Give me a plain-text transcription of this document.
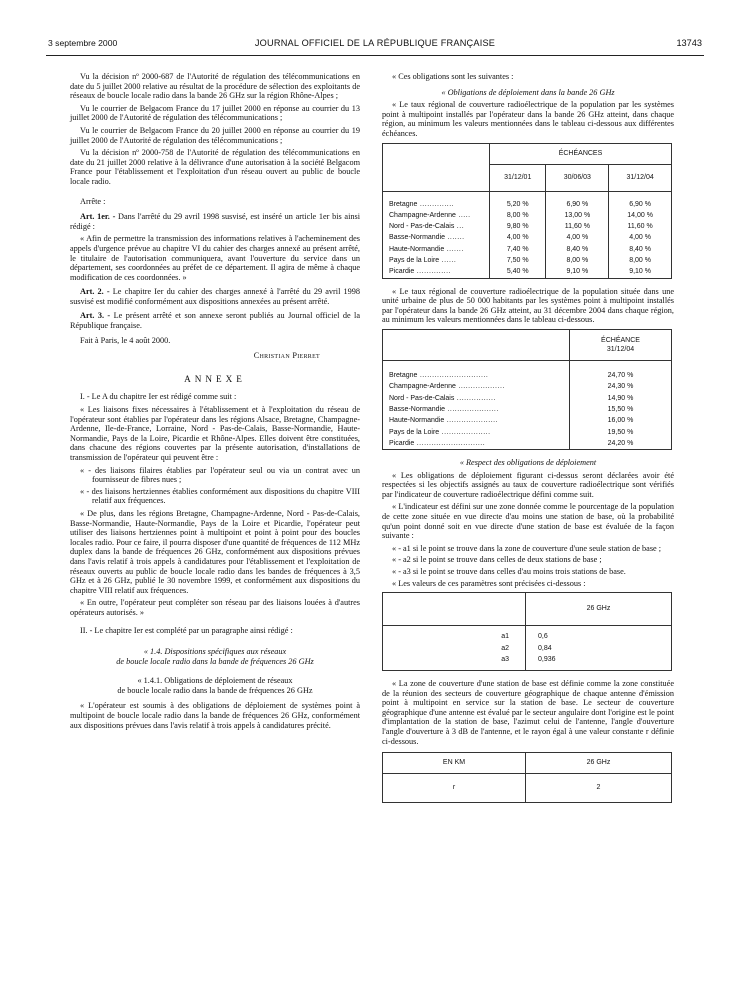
3 septembre 2000	JOURNAL OFFICIEL DE LA RÉPUBLIQUE FRANÇAISE	13743

Vu la décision nº 2000-687 de l'Autorité de régulation des télécommunications en date du 5 juillet 2000 relative au résultat de la procédure de sélection des exploitants de réseaux de boucle locale radio dans la bande 26 GHz sur la région Rhône-Alpes ;

Vu le courrier de Belgacom France du 17 juillet 2000 en réponse au courrier du 13 juillet 2000 de l'Autorité de régulation des télécommunications ;

Vu le courrier de Belgacom France du 20 juillet 2000 en réponse au courrier du 19 juillet 2000 de l'Autorité de régulation des télécommunications ;

Vu la décision nº 2000-758 de l'Autorité de régulation des télécommunications en date du 21 juillet 2000 relative à la délivrance d'une autorisation à la société Belgacom France pour l'établissement et l'exploitation d'un réseau ouvert au public de boucle locale radio.

Arrête :

Art. 1er. - Dans l'arrêté du 29 avril 1998 susvisé, est inséré un article 1er bis ainsi rédigé :

« Afin de permettre la transmission des informations relatives à l'acheminement des appels d'urgence prévue au chapitre VI du cahier des charges annexé au présent arrêté, le titulaire de l'autorisation communiquera, avant l'ouverture du service dans un département, ses coordonnées au préfet de ce département. Il agira de même à chaque modification de ces coordonnées. »

Art. 2. - Le chapitre Ier du cahier des charges annexé à l'arrêté du 29 avril 1998 susvisé est modifié conformément aux dispositions annexées au présent arrêté.

Art. 3. - Le présent arrêté et son annexe seront publiés au Journal officiel de la République française.

Fait à Paris, le 4 août 2000.

Christian Pierret

ANNEXE

I. - Le A du chapitre Ier est rédigé comme suit :

« Les liaisons fixes nécessaires à l'établissement et à l'exploitation du réseau de l'opérateur sont établies par l'opérateur dans les régions Alsace, Bretagne, Champagne-Ardenne, Ile-de-France, Lorraine, Nord - Pas-de-Calais, Basse-Normandie, Haute-Normandie, Pays de la Loire, Picardie et Rhône-Alpes. Elles doivent être constituées, dans chacune des régions couvertes par la présente autorisation, d'installations de transmission de l'opérateur qui peuvent être :

« - des liaisons filaires établies par l'opérateur seul ou via un contrat avec un fournisseur de fibres nues ;
« - des liaisons hertziennes établies conformément aux dispositions du chapitre VIII relatif aux fréquences.

« De plus, dans les régions Bretagne, Champagne-Ardenne, Nord - Pas-de-Calais, Basse-Normandie, Haute-Normandie, Pays de la Loire et Picardie, l'opérateur peut utiliser des liaisons hertziennes point à multipoint et point à point pour des boucles locales radio. Pour ce faire, il pourra disposer d'une quantité de fréquences de 112 MHz duplex dans la bande de fréquences 26 GHz, conformément aux dispositions prévues dans l'avis relatif à trois appels à candidatures pour l'établissement et l'exploitation de réseaux ouverts au public de boucle locale radio dans les bandes de fréquences à 3,5 GHz et à 26 GHz, publié le 30 novembre 1999, et conformément aux dispositions du chapitre VIII relatif aux fréquences.

« En outre, l'opérateur peut compléter son réseau par des liaisons louées à d'autres opérateurs autorisés. »

II. - Le chapitre Ier est complété par un paragraphe ainsi rédigé :

« 1.4. Dispositions spécifiques aux réseaux
de boucle locale radio dans la bande de fréquences 26 GHz
« 1.4.1. Obligations de déploiement de réseaux
de boucle locale radio dans la bande de fréquences 26 GHz

« L'opérateur est soumis à des obligations de déploiement de systèmes point à multipoint de boucle locale radio dans la bande de fréquences 26 GHz, conformément aux dispositions prévues dans l'avis relatif à trois appels à candidatures précité.

« Ces obligations sont les suivantes :

« Obligations de déploiement dans la bande 26 GHz

« Le taux régional de couverture radioélectrique de la population par les systèmes point à multipoint installés par l'opérateur dans la bande 26 GHz atteint, dans chaque région, au minimum les valeurs mentionnées dans le tableau ci-dessous aux différentes échéances.

	ÉCHÉANCES		
	31/12/01	30/06/03	31/12/04
Bretagne ..............	5,20 %	6,90 %	6,90 %
Champagne-Ardenne .....	8,00 %	13,00 %	14,00 %
Nord - Pas-de-Calais ...	9,80 %	11,60 %	11,60 %
Basse-Normandie .......	4,00 %	4,00 %	4,00 %
Haute-Normandie .......	7,40 %	8,40 %	8,40 %
Pays de la Loire ......	7,50 %	8,00 %	8,00 %
Picardie ..............	5,40 %	9,10 %	9,10 %

« Le taux régional de couverture radioélectrique de la population située dans une unité urbaine de plus de 50 000 habitants par les systèmes point à multipoint installés par l'opérateur dans la bande 26 GHz atteint, au 31 décembre 2004 dans chaque région, au minimum les valeurs mentionnées dans le tableau ci-dessous.

	ÉCHÉANCE
31/12/04
Bretagne ............................	24,70 %
Champagne-Ardenne ...................	24,30 %
Nord - Pas-de-Calais ................	14,90 %
Basse-Normandie .....................	15,50 %
Haute-Normandie .....................	16,00 %
Pays de la Loire ....................	19,50 %
Picardie ............................	24,20 %

« Respect des obligations de déploiement

« Les obligations de déploiement figurant ci-dessus seront déclarées avoir été respectées si les objectifs assignés au taux de couverture radioélectrique sont vérifiés par l'indicateur de couverture radioélectrique défini comme suit.

« L'indicateur est défini sur une zone donnée comme le pourcentage de la population de cette zone située en vue directe d'au moins une station de base, où la probabilité qu'un point donné soit en vue directe d'une station de base est évaluée de la façon suivante :

« - a1 si le point se trouve dans la zone de couverture d'une seule station de base ;
« - a2 si le point se trouve dans celles de deux stations de base ;
« - a3 si le point se trouve dans celles d'au moins trois stations de base.

« Les valeurs de ces paramètres sont précisées ci-dessous :

	26 GHz
a1	0,6
a2	0,84
a3	0,936

« La zone de couverture d'une station de base est définie comme la zone constituée de la réunion des secteurs de couverture géographique de chaque antenne d'émission point à multipoint en service sur la station de base. Le secteur de couverture géographique d'une antenne est évalué par le secteur angulaire dont l'origine est le point d'implantation de la station de base, l'azimut celui de l'antenne, l'angle d'ouverture l'angle d'ouverture à 3 dB de l'antenne, et le rayon égal à une valeur constante r définie ci-dessous.

EN KM	26 GHz
r	2
